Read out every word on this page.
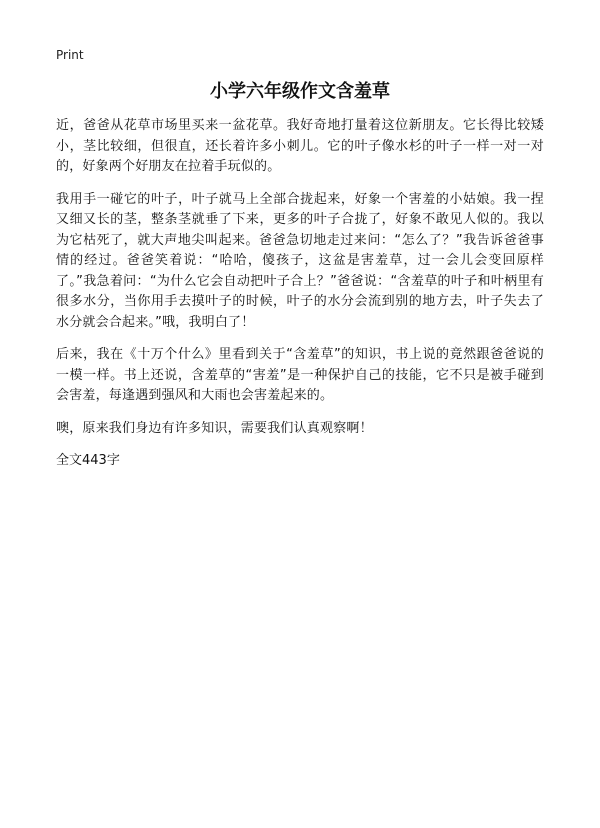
Print
小学六年级作文含羞草

近，爸爸从花草市场里买来一盆花草。我好奇地打量着这位新朋友。它长得比较矮小，茎比较细，但很直，还长着许多小刺儿。它的叶子像水杉的叶子一样一对一对的，好象两个好朋友在拉着手玩似的。

我用手一碰它的叶子，叶子就马上全部合拢起来，好象一个害羞的小姑娘。我一捏又细又长的茎，整条茎就垂了下来，更多的叶子合拢了，好象不敢见人似的。我以为它枯死了，就大声地尖叫起来。爸爸急切地走过来问：“怎么了？”我告诉爸爸事情的经过。爸爸笑着说：“哈哈，傻孩子，这盆是害羞草，过一会儿会变回原样了。”我急着问：“为什么它会自动把叶子合上？”爸爸说：“含羞草的叶子和叶柄里有很多水分，当你用手去摸叶子的时候，叶子的水分会流到别的地方去，叶子失去了水分就会合起来。”哦，我明白了！

后来，我在《十万个什么》里看到关于“含羞草”的知识，书上说的竟然跟爸爸说的一模一样。书上还说，含羞草的“害羞”是一种保护自己的技能，它不只是被手碰到会害羞，每逢遇到强风和大雨也会害羞起来的。

噢，原来我们身边有许多知识，需要我们认真观察啊！

全文443字
